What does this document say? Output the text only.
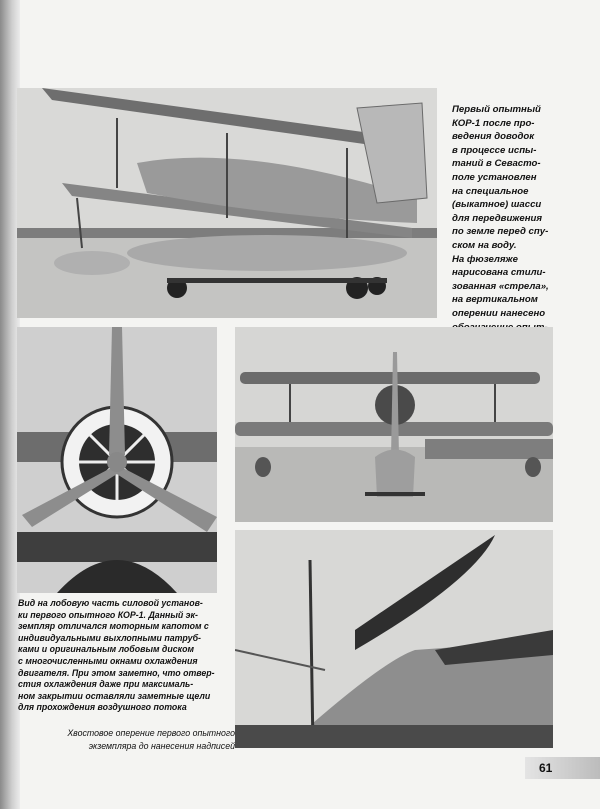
Первый опытный

КОР-1 после про-

ведения доводок

в процессе испы-

таний в Севасто-

поле установлен

на специальное

(выкатное) шасси

для передвижения

по земле перед спу-

ском на воду.

На фюзеляже

нарисована стили-

зованная «стрела»,

на вертикальном

оперении нанесено

Вид на лобовую часть силовой установ-

ки первого опытного КОР-1. Данный эк-

земпляр отличался моторным капотом с

индивидуальными выхлопными патруб-

ками и оригинальным лобовым диском

с многочисленными окнами охлаждения

двигателя. При этом заметно, что отвер-

стия охлаждения даже при максималь-

ном закрытии оставляли заметные щели

для прохождения воздушного потока

Хвостовое оперение первого опытного

экземпляра до нанесения надписей

61
